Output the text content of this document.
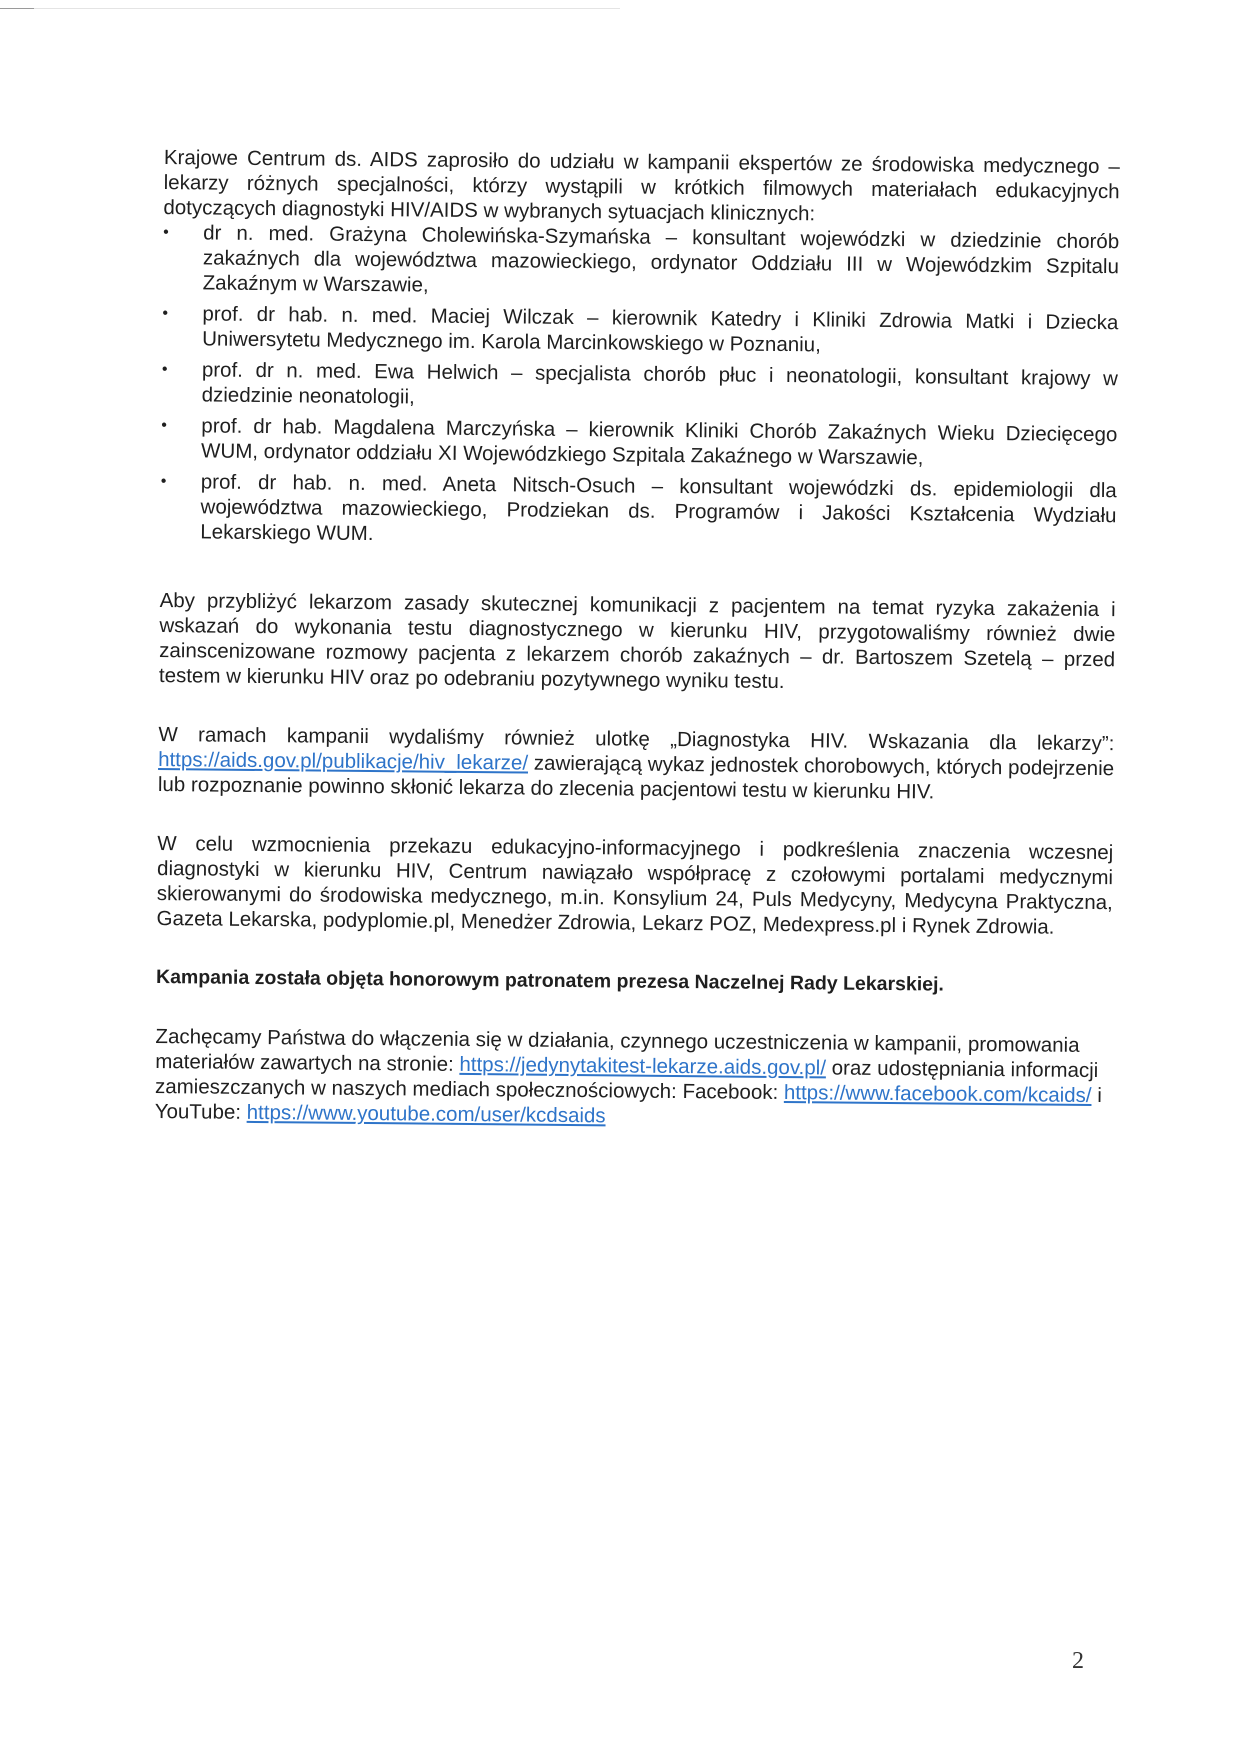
Krajowe Centrum ds. AIDS zaprosiło do udziału w kampanii ekspertów ze środowiska medycznego – lekarzy różnych specjalności, którzy wystąpili w krótkich filmowych materiałach edukacyjnych dotyczących diagnostyki HIV/AIDS w wybranych sytuacjach klinicznych:

• dr n. med. Grażyna Cholewińska-Szymańska – konsultant wojewódzki w dziedzinie chorób zakaźnych dla województwa mazowieckiego, ordynator Oddziału III w Wojewódzkim Szpitalu Zakaźnym w Warszawie,
• prof. dr hab. n. med. Maciej Wilczak – kierownik Katedry i Kliniki Zdrowia Matki i Dziecka Uniwersytetu Medycznego im. Karola Marcinkowskiego w Poznaniu,
• prof. dr n. med. Ewa Helwich – specjalista chorób płuc i neonatologii, konsultant krajowy w dziedzinie neonatologii,
• prof. dr hab. Magdalena Marczyńska – kierownik Kliniki Chorób Zakaźnych Wieku Dziecięcego WUM, ordynator oddziału XI Wojewódzkiego Szpitala Zakaźnego w Warszawie,
• prof. dr hab. n. med. Aneta Nitsch-Osuch – konsultant wojewódzki ds. epidemiologii dla województwa mazowieckiego, Prodziekan ds. Programów i Jakości Kształcenia Wydziału Lekarskiego WUM.

Aby przybliżyć lekarzom zasady skutecznej komunikacji z pacjentem na temat ryzyka zakażenia i wskazań do wykonania testu diagnostycznego w kierunku HIV, przygotowaliśmy również dwie zainscenizowane rozmowy pacjenta z lekarzem chorób zakaźnych – dr. Bartoszem Szetelą – przed testem w kierunku HIV oraz po odebraniu pozytywnego wyniku testu.

W ramach kampanii wydaliśmy również ulotkę „Diagnostyka HIV. Wskazania dla lekarzy”: https://aids.gov.pl/publikacje/hiv_lekarze/ zawierającą wykaz jednostek chorobowych, których podejrzenie lub rozpoznanie powinno skłonić lekarza do zlecenia pacjentowi testu w kierunku HIV.

W celu wzmocnienia przekazu edukacyjno-informacyjnego i podkreślenia znaczenia wczesnej diagnostyki w kierunku HIV, Centrum nawiązało współpracę z czołowymi portalami medycznymi skierowanymi do środowiska medycznego, m.in. Konsylium 24, Puls Medycyny, Medycyna Praktyczna, Gazeta Lekarska, podyplomie.pl, Menedżer Zdrowia, Lekarz POZ, Medexpress.pl i Rynek Zdrowia.

Kampania została objęta honorowym patronatem prezesa Naczelnej Rady Lekarskiej.

Zachęcamy Państwa do włączenia się w działania, czynnego uczestniczenia w kampanii, promowania materiałów zawartych na stronie: https://jedynytakitest-lekarze.aids.gov.pl/ oraz udostępniania informacji zamieszczanych w naszych mediach społecznościowych: Facebook: https://www.facebook.com/kcaids/ i YouTube: https://www.youtube.com/user/kcdsaids

2
